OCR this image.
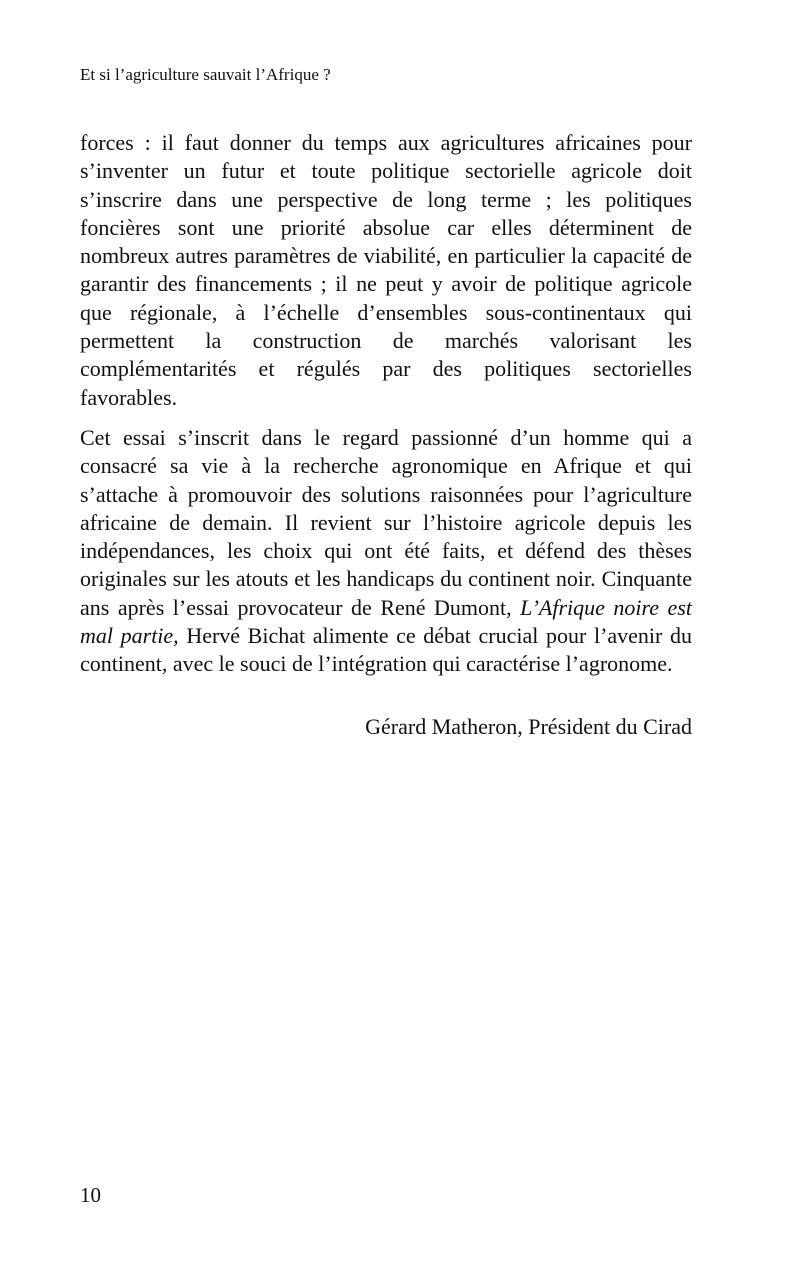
Et si l’agriculture sauvait l’Afrique ?

forces : il faut donner du temps aux agricultures africaines pour s’inventer un futur et toute politique sectorielle agricole doit s’inscrire dans une perspective de long terme ; les politiques foncières sont une priorité absolue car elles déterminent de nombreux autres paramètres de viabilité, en particulier la capacité de garantir des financements ; il ne peut y avoir de politique agricole que régionale, à l’échelle d’ensembles sous-continentaux qui permettent la construction de marchés valorisant les complémentarités et régulés par des politiques sectorielles favorables.

Cet essai s’inscrit dans le regard passionné d’un homme qui a consacré sa vie à la recherche agronomique en Afrique et qui s’attache à promouvoir des solutions raisonnées pour l’agriculture africaine de demain. Il revient sur l’histoire agricole depuis les indépendances, les choix qui ont été faits, et défend des thèses originales sur les atouts et les handicaps du continent noir. Cinquante ans après l’essai provocateur de René Dumont, L’Afrique noire est mal partie, Hervé Bichat alimente ce débat crucial pour l’avenir du continent, avec le souci de l’intégration qui caractérise l’agronome.

Gérard Matheron, Président du Cirad
10
